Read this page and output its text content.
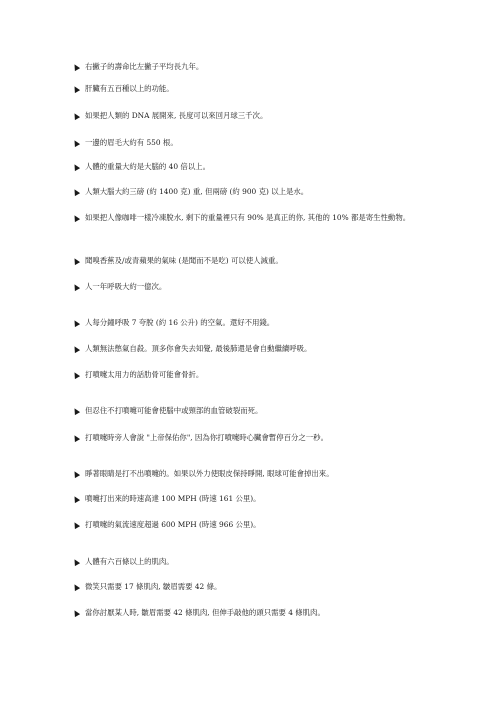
右撇子的壽命比左撇子平均長九年。
肝臟有五百種以上的功能。
如果把人類的 DNA 展開來, 長度可以來回月球三千次。
一邊的眉毛大約有 550 根。
人體的重量大約是大腦的 40 倍以上。
人類大腦大約三磅 (約 1400 克) 重, 但兩磅 (約 900 克) 以上是水。
如果把人像咖啡一樣冷凍脫水, 剩下的重量裡只有 90% 是真正的你, 其他的 10% 都是寄生性動物。
聞嗅香蕉及/或青蘋果的氣味 (是聞而不是吃) 可以使人減重。
人一年呼吸大約一億次。
人每分鐘呼吸 7 夸脫 (約 16 公升) 的空氣。還好不用錢。
人類無法憋氣自殺。頂多你會失去知覺, 最後肺還是會自動繼續呼吸。
打噴嚏太用力的話肋骨可能會骨折。
但忍住不打噴嚏可能會使腦中或頸部的血管破裂而死。
打噴嚏時旁人會說 "上帝保佑你", 因為你打噴嚏時心臟會暫停百分之一秒。
睜著眼睛是打不出噴嚏的。如果以外力使眼皮保持睜開, 眼球可能會掉出來。
噴嚏打出來的時速高達 100 MPH (時速 161 公里)。
打噴嚏的氣流速度超過 600 MPH (時速 966 公里)。
人體有六百條以上的肌肉。
微笑只需要 17 條肌肉, 皺眉需要 42 條。
當你討厭某人時, 皺眉需要 42 條肌肉, 但伸手敲他的頭只需要 4 條肌肉。
